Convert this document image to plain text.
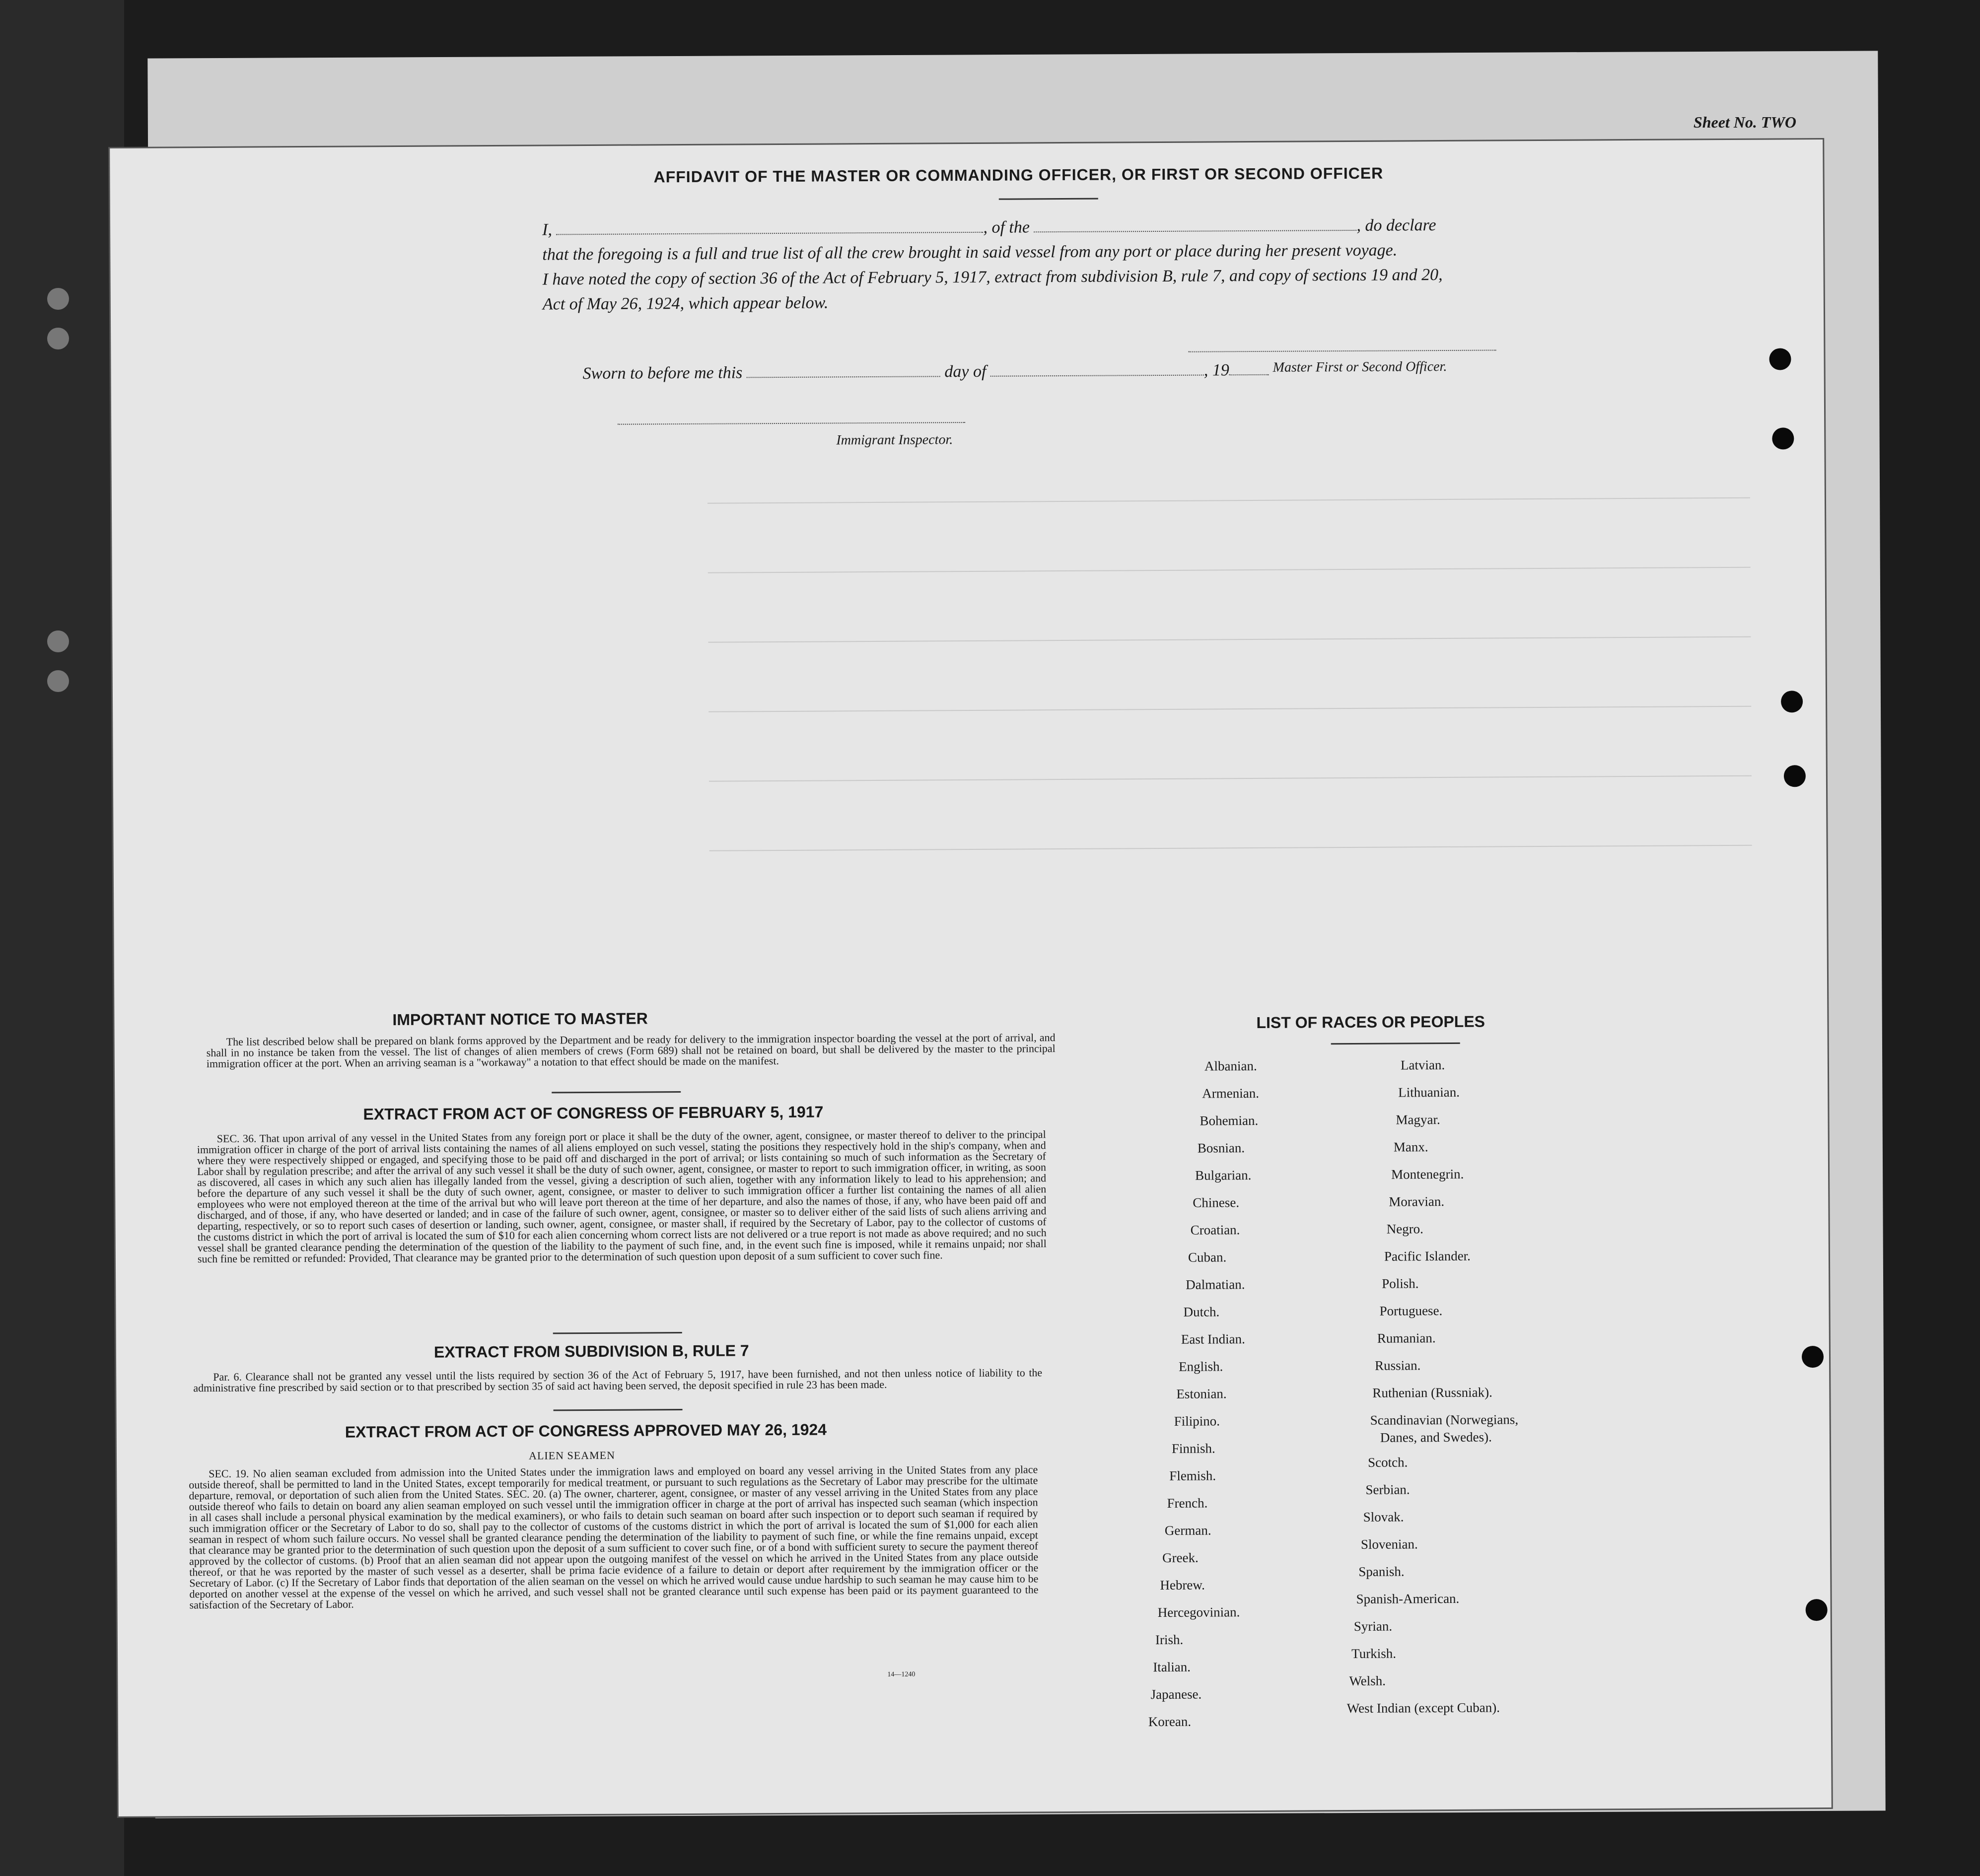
Sheet No. TWO
AFFIDAVIT OF THE MASTER OR COMMANDING OFFICER, OR FIRST OR SECOND OFFICER
I,	, of the	, do declare
that the foregoing is a full and true list of all the crew brought in said vessel from any port or place during her present voyage.
I have noted the copy of section 36 of the Act of February 5, 1917, extract from subdivision B, rule 7, and copy of sections 19 and 20,
Act of May 26, 1924, which appear below.
Master First or Second Officer.
Sworn to before me this	day of	, 19
Immigrant Inspector.
IMPORTANT NOTICE TO MASTER
The list described below shall be prepared on blank forms approved by the Department and be ready for delivery to the immigration inspector boarding the vessel at the port of arrival, and shall in no instance be taken from the vessel. The list of changes of alien members of crews (Form 689) shall not be retained on board, but shall be delivered by the master to the principal immigration officer at the port. When an arriving seaman is a "workaway" a notation to that effect should be made on the manifest.
EXTRACT FROM ACT OF CONGRESS OF FEBRUARY 5, 1917
SEC. 36. That upon arrival of any vessel in the United States from any foreign port or place it shall be the duty of the owner, agent, consignee, or master thereof to deliver to the principal immigration officer in charge of the port of arrival lists containing the names of all aliens employed on such vessel, stating the positions they respectively hold in the ship's company, when and where they were respectively shipped or engaged, and specifying those to be paid off and discharged in the port of arrival; or lists containing so much of such information as the Secretary of Labor shall by regulation prescribe; and after the arrival of any such vessel it shall be the duty of such owner, agent, consignee, or master to report to such immigration officer, in writing, as soon as discovered, all cases in which any such alien has illegally landed from the vessel, giving a description of such alien, together with any information likely to lead to his apprehension; and before the departure of any such vessel it shall be the duty of such owner, agent, consignee, or master to deliver to such immigration officer a further list containing the names of all alien employees who were not employed thereon at the time of the arrival but who will leave port thereon at the time of her departure, and also the names of those, if any, who have been paid off and discharged, and of those, if any, who have deserted or landed; and in case of the failure of such owner, agent, consignee, or master so to deliver either of the said lists of such aliens arriving and departing, respectively, or so to report such cases of desertion or landing, such owner, agent, consignee, or master shall, if required by the Secretary of Labor, pay to the collector of customs of the customs district in which the port of arrival is located the sum of $10 for each alien concerning whom correct lists are not delivered or a true report is not made as above required; and no such vessel shall be granted clearance pending the determination of the question of the liability to the payment of such fine, and, in the event such fine is imposed, while it remains unpaid; nor shall such fine be remitted or refunded: Provided, That clearance may be granted prior to the determination of such question upon deposit of a sum sufficient to cover such fine.
EXTRACT FROM SUBDIVISION B, RULE 7
Par. 6. Clearance shall not be granted any vessel until the lists required by section 36 of the Act of February 5, 1917, have been furnished, and not then unless notice of liability to the administrative fine prescribed by said section or to that prescribed by section 35 of said act having been served, the deposit specified in rule 23 has been made.
EXTRACT FROM ACT OF CONGRESS APPROVED MAY 26, 1924
ALIEN SEAMEN
SEC. 19. No alien seaman excluded from admission into the United States under the immigration laws and employed on board any vessel arriving in the United States from any place outside thereof, shall be permitted to land in the United States, except temporarily for medical treatment, or pursuant to such regulations as the Secretary of Labor may prescribe for the ultimate departure, removal, or deportation of such alien from the United States. SEC. 20. (a) The owner, charterer, agent, consignee, or master of any vessel arriving in the United States from any place outside thereof who fails to detain on board any alien seaman employed on such vessel until the immigration officer in charge at the port of arrival has inspected such seaman (which inspection in all cases shall include a personal physical examination by the medical examiners), or who fails to detain such seaman on board after such inspection or to deport such seaman if required by such immigration officer or the Secretary of Labor to do so, shall pay to the collector of customs of the customs district in which the port of arrival is located the sum of $1,000 for each alien seaman in respect of whom such failure occurs. No vessel shall be granted clearance pending the determination of the liability to payment of such fine, or while the fine remains unpaid, except that clearance may be granted prior to the determination of such question upon the deposit of a sum sufficient to cover such fine, or of a bond with sufficient surety to secure the payment thereof approved by the collector of customs. (b) Proof that an alien seaman did not appear upon the outgoing manifest of the vessel on which he arrived in the United States from any place outside thereof, or that he was reported by the master of such vessel as a deserter, shall be prima facie evidence of a failure to detain or deport after requirement by the immigration officer or the Secretary of Labor. (c) If the Secretary of Labor finds that deportation of the alien seaman on the vessel on which he arrived would cause undue hardship to such seaman he may cause him to be deported on another vessel at the expense of the vessel on which he arrived, and such vessel shall not be granted clearance until such expense has been paid or its payment guaranteed to the satisfaction of the Secretary of Labor.
14—1240
LIST OF RACES OR PEOPLES
Albanian.
Armenian.
Bohemian.
Bosnian.
Bulgarian.
Chinese.
Croatian.
Cuban.
Dalmatian.
Dutch.
East Indian.
English.
Estonian.
Filipino.
Finnish.
Flemish.
French.
German.
Greek.
Hebrew.
Hercegovinian.
Irish.
Italian.
Japanese.
Korean.
Latvian.
Lithuanian.
Magyar.
Manx.
Montenegrin.
Moravian.
Negro.
Pacific Islander.
Polish.
Portuguese.
Rumanian.
Russian.
Ruthenian (Russniak).
Scandinavian (Norwegians,
Danes, and Swedes).
Scotch.
Serbian.
Slovak.
Slovenian.
Spanish.
Spanish-American.
Syrian.
Turkish.
Welsh.
West Indian (except Cuban).
